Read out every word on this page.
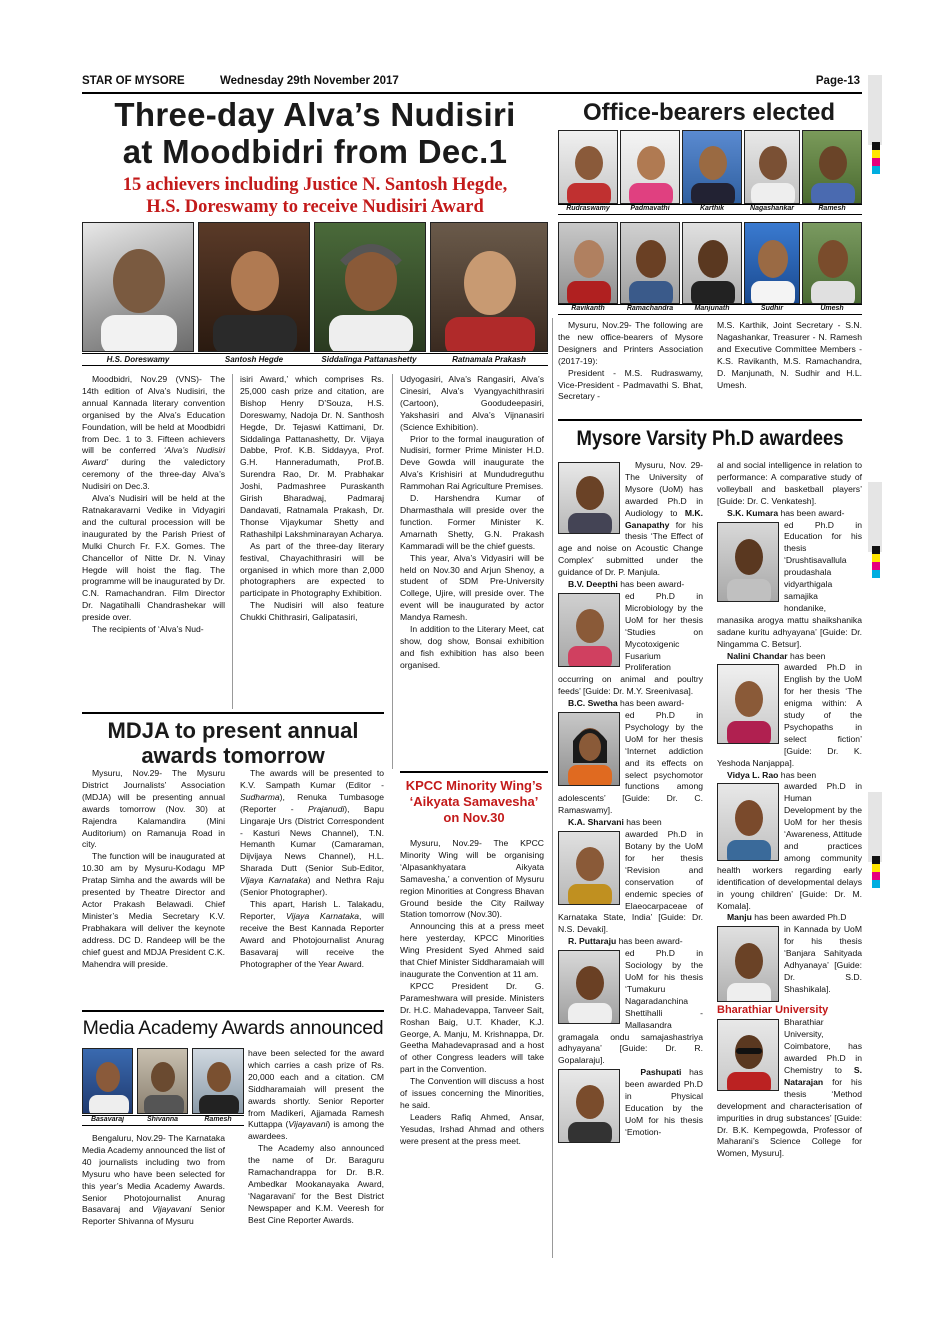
STAR OF MYSORE	Wednesday 29th November 2017	Page-13
Three-day Alva’s Nudisiri
at Moodbidri from Dec.1
15 achievers including Justice N. Santosh Hegde,
H.S. Doreswamy to receive Nudisiri Award
H.S. Doreswamy	Santosh Hegde	Siddalinga Pattanashetty	Ratnamala Prakash

Moodbidri, Nov.29 (VNS)- The 14th edition of Alva’s Nudisiri, the annual Kannada literary convention organised by the Alva’s Education Foundation, will be held at Moodbidri from Dec. 1 to 3. Fifteen achievers will be conferred ‘Alva’s Nudisiri Award’ during the valedictory ceremony of the three-day Alva’s Nudisiri on Dec.3.

Alva’s Nudisiri will be held at the Ratnakaravarni Vedike in Vidyagiri and the cultural procession will be inaugurated by the Parish Priest of Mulki Church Fr. F.X. Gomes. The Chancellor of Nitte Dr. N. Vinay Hegde will hoist the flag. The programme will be inaugurated by Dr. C.N. Ramachandran. Film Director Dr. Nagatihalli Chandrashekar will preside over.

The recipients of ‘Alva’s Nud-

isiri Award,’ which comprises Rs. 25,000 cash prize and citation, are Bishop Henry D’Souza, H.S. Doreswamy, Nadoja Dr. N. Santhosh Hegde, Dr. Tejaswi Kattimani, Dr. Siddalinga Pattanashetty, Dr. Vijaya Dabbe, Prof. K.B. Siddayya, Prof. G.H. Hanneradumath, Prof.B. Surendra Rao, Dr. M. Prabhakar Joshi, Padmashree Puraskanth Girish Bharadwaj, Padmaraj Dandavati, Ratnamala Prakash, Dr. Thonse Vijaykumar Shetty and Rathashilpi Lakshminarayan Acharya.

As part of the three-day literary festival, Chayachithrasiri will be organised in which more than 2,000 photographers are expected to participate in Photography Exhibition.

The Nudisiri will also feature Chukki Chithrasiri, Galipatasiri,

Udyogasiri, Alva’s Rangasiri, Alva’s Cinesiri, Alva’s Vyangyachithrasiri (Cartoon), Goodudeepasiri, Yakshasiri and Alva’s Vijnanasiri (Science Exhibition).

Prior to the formal inauguration of Nudisiri, former Prime Minister H.D. Deve Gowda will inaugurate the Alva’s Krishisiri at Mundudreguthu Rammohan Rai Agriculture Premises.

D. Harshendra Kumar of Dharmasthala will preside over the function. Former Minister K. Amarnath Shetty, G.N. Prakash Kammaradi will be the chief guests.

This year, Alva’s Vidyasiri will be held on Nov.30 and Arjun Shenoy, a student of SDM Pre-University College, Ujire, will preside over. The event will be inaugurated by actor Mandya Ramesh.

In addition to the Literary Meet, cat show, dog show, Bonsai exhibition and fish exhibition has also been organised.

MDJA to present annual
awards tomorrow

Mysuru, Nov.29- The Mysuru District Journalists’ Association (MDJA) will be presenting annual awards tomorrow (Nov. 30) at Rajendra Kalamandira (Mini Auditorium) on Ramanuja Road in city.

The function will be inaugurated at 10.30 am by Mysuru-Kodagu MP Pratap Simha and the awards will be presented by Theatre Director and Actor Prakash Belawadi. Chief Minister’s Media Secretary K.V. Prabhakara will deliver the keynote address. DC D. Randeep will be the chief guest and MDJA President C.K. Mahendra will preside.

The awards will be presented to K.V. Sampath Kumar (Editor - Sudharma), Renuka Tumbasoge (Reporter - Prajanudi), Bapu Lingaraje Urs (District Correspondent - Kasturi News Channel), T.N. Hemanth Kumar (Camaraman, Dijvijaya News Channel), H.L. Sharada Dutt (Senior Sub-Editor, Vijaya Karnataka) and Nethra Raju (Senior Photographer).

This apart, Harish L. Talakadu, Reporter, Vijaya Karnataka, will receive the Best Kannada Reporter Award and Photojournalist Anurag Basavaraj will receive the Photographer of the Year Award.

Media Academy Awards announced
Basavaraj	Shivanna	Ramesh

Bengaluru, Nov.29- The Karnataka Media Academy announced the list of 40 journalists including two from Mysuru who have been selected for this year’s Media Academy Awards. Senior Photojournalist Anurag Basavaraj and Vijayavani Senior Reporter Shivanna of Mysuru

have been selected for the award which carries a cash prize of Rs. 20,000 each and a citation. CM Siddharamaiah will present the awards shortly. Senior Reporter from Madikeri, Ajjamada Ramesh Kuttappa (Vijayavani) is among the awardees.

The Academy also announced the name of Dr. Baraguru Ramachandrappa for Dr. B.R. Ambedkar Mookanayaka Award, ‘Nagaravani’ for the Best District Newspaper and K.M. Veeresh for Best Cine Reporter Awards.

KPCC Minority Wing’s
‘Aikyata Samavesha’
on Nov.30

Mysuru, Nov.29- The KPCC Minority Wing will be organising ‘Alpasankhyatara Aikyata Samavesha,’ a convention of Mysuru region Minorities at Congress Bhavan Ground beside the City Railway Station tomorrow (Nov.30).

Announcing this at a press meet here yesterday, KPCC Minorities Wing President Syed Ahmed said that Chief Minister Siddharamaiah will inaugurate the Convention at 11 am.

KPCC President Dr. G. Parameshwara will preside. Ministers Dr. H.C. Mahadevappa, Tanveer Sait, Roshan Baig, U.T. Khader, K.J. George, A. Manju, M. Krishnappa, Dr. Geetha Mahadevaprasad and a host of other Congress leaders will take part in the Convention.

The Convention will discuss a host of issues concerning the Minorities, he said.

Leaders Rafiq Ahmed, Ansar, Yesudas, Irshad Ahmad and others were present at the press meet.

Office-bearers elected
Rudraswamy	Padmavathi	Karthik	Nagashankar	Ramesh
Ravikanth	Ramachandra	Manjunath	Sudhir	Umesh

Mysuru, Nov.29- The following are the new office-bearers of Mysore Designers and Printers Association (2017-19):

President - M.S. Rudraswamy, Vice-President - Padmavathi S. Bhat, Secretary -

M.S. Karthik, Joint Secretary - S.N. Nagashankar, Treasurer - N. Ramesh and Executive Committee Members - K.S. Ravikanth, M.S. Ramachandra, D. Manjunath, N. Sudhir and H.L. Umesh.
Mysore Varsity Ph.D awardees

Mysuru, Nov. 29- The University of Mysore (UoM) has awarded Ph.D in Audiology to M.K. Ganapathy for his thesis ‘The Effect of age and noise on Acoustic Change Complex’ submitted under the guidance of Dr. P. Manjula.

B.V. Deepthi has been award-

ed Ph.D in Microbiology by the UoM for her thesis ‘Studies on Mycotoxigenic Fusarium Proliferation occurring on animal and poultry feeds’ [Guide: Dr. M.Y. Sreenivasa].

B.C. Swetha has been award-

ed Ph.D in Psychology by the UoM for her thesis ‘Internet addiction and its effects on select psychomotor functions among adolescents’ [Guide: Dr. C. Ramaswamy].

K.A. Sharvani has been

awarded Ph.D in Botany by the UoM for her thesis ‘Revision and conservation of endemic species of Elaeocarpaceae of Karnataka State, India’ [Guide: Dr. N.S. Devaki].

R. Puttaraju has been award-

ed Ph.D in Sociology by the UoM for his thesis ‘Tumakuru Nagaradanchina Shettihalli - Mallasandra gramagala ondu samajashastriya adhyayana’ [Guide: Dr. R. Gopalaraju].

Pashupati has been awarded Ph.D in Physical Education by the UoM for his thesis ‘Emotion-
al and social intelligence in relation to performance: A comparative study of volleyball and basketball players’ [Guide: Dr. C. Venkatesh].

S.K. Kumara has been award-

ed Ph.D in Education for his thesis ‘Drushtisavallula proudashala vidyarthigala samajika hondanike, manasika arogya mattu shaikshanika sadane kuritu adhyayana’ [Guide: Dr. Ningamma C. Betsur].

Nalini Chandar has been

awarded Ph.D in English by the UoM for her thesis ‘The enigma within: A study of the Psychopaths in select fiction’ [Guide: Dr. K. Yeshoda Nanjappa].

Vidya L. Rao has been

awarded Ph.D in Human Development by the UoM for her thesis ‘Awareness, Attitude and practices among community health workers regarding early identification of developmental delays in young children’ [Guide: Dr. M. Komala].

Manju has been awarded Ph.D

in Kannada by UoM for his thesis ‘Banjara Sahityada Adhyanaya’ [Guide: Dr. S.D. Shashikala].
Bharathiar University
Bharathiar University, Coimbatore, has awarded Ph.D in Chemistry to S. Natarajan for his thesis ‘Method development and characterisation of impurities in drug substances’ [Guide: Dr. B.K. Kempegowda, Professor of Maharani’s Science College for Women, Mysuru].
